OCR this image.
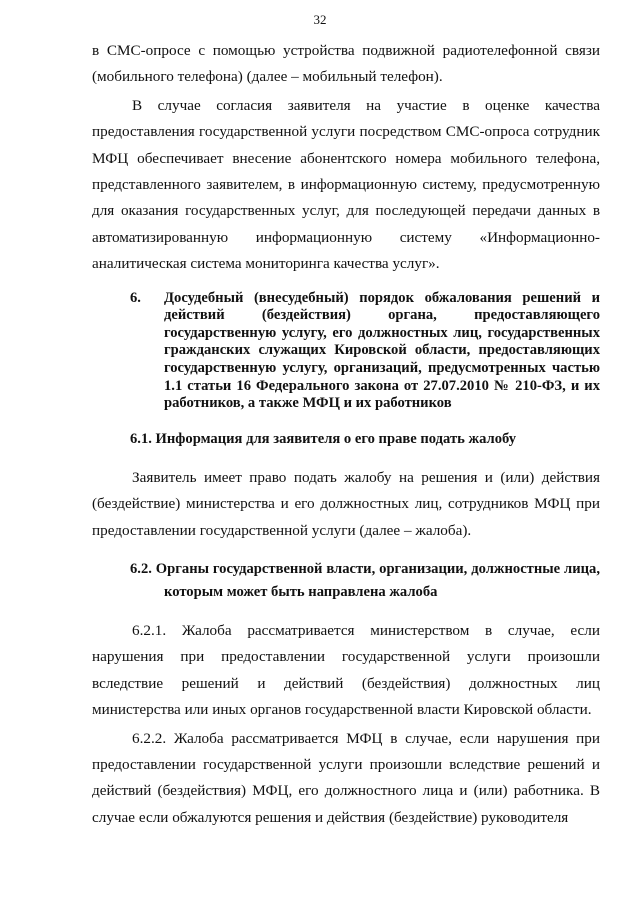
32

в СМС-опросе с помощью устройства подвижной радиотелефонной связи (мобильного телефона) (далее – мобильный телефон).

В случае согласия заявителя на участие в оценке качества предоставления государственной услуги посредством СМС-опроса сотрудник МФЦ обеспечивает внесение абонентского номера мобильного телефона, представленного заявителем, в информационную систему, предусмотренную для оказания государственных услуг, для последующей передачи данных в автоматизированную информационную систему «Информационно-аналитическая система мониторинга качества услуг».

6.	Досудебный (внесудебный) порядок обжалования решений и действий (бездействия) органа, предоставляющего государственную услугу, его должностных лиц, государственных гражданских служащих Кировской области, предоставляющих государственную услугу, организаций, предусмотренных частью 1.1 статьи 16 Федерального закона от 27.07.2010 № 210-ФЗ, и их работников, а также МФЦ и их работников

6.1. Информация для заявителя о его праве подать жалобу

Заявитель имеет право подать жалобу на решения и (или) действия (бездействие) министерства и его должностных лиц, сотрудников МФЦ при предоставлении государственной услуги (далее – жалоба).

6.2. Органы государственной власти, организации, должностные лица, которым может быть направлена жалоба

6.2.1. Жалоба рассматривается министерством в случае, если нарушения при предоставлении государственной услуги произошли вследствие решений и действий (бездействия) должностных лиц министерства или иных органов государственной власти Кировской области.

6.2.2. Жалоба рассматривается МФЦ в случае, если нарушения при предоставлении государственной услуги произошли вследствие решений и действий (бездействия) МФЦ, его должностного лица и (или) работника. В случае если обжалуются решения и действия (бездействие) руководителя
